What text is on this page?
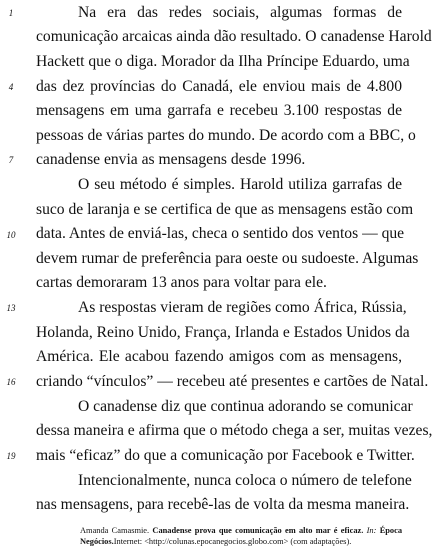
1
4
7
10
13
16
19
Na era das redes sociais, algumas formas de
comunicação arcaicas ainda dão resultado. O canadense Harold
Hackett que o diga. Morador da Ilha Príncipe Eduardo, uma
das dez províncias do Canadá, ele enviou mais de 4.800
mensagens em uma garrafa e recebeu 3.100 respostas de
pessoas de várias partes do mundo. De acordo com a BBC, o
canadense envia as mensagens desde 1996.
O seu método é simples. Harold utiliza garrafas de
suco de laranja e se certifica de que as mensagens estão com
data. Antes de enviá-las, checa o sentido dos ventos — que
devem rumar de preferência para oeste ou sudoeste. Algumas
cartas demoraram 13 anos para voltar para ele.
As respostas vieram de regiões como África, Rússia,
Holanda, Reino Unido, França, Irlanda e Estados Unidos da
América. Ele acabou fazendo amigos com as mensagens,
criando “vínculos” — recebeu até presentes e cartões de Natal.
O canadense diz que continua adorando se comunicar
dessa maneira e afirma que o método chega a ser, muitas vezes,
mais “eficaz” do que a comunicação por Facebook e Twitter.
Intencionalmente, nunca coloca o número de telefone
nas mensagens, para recebê-las de volta da mesma maneira.
Amanda Camasmie. Canadense prova que comunicação em alto mar é eficaz. In: Época Negócios.Internet: <http://colunas.epocanegocios.globo.com> (com adaptações).
